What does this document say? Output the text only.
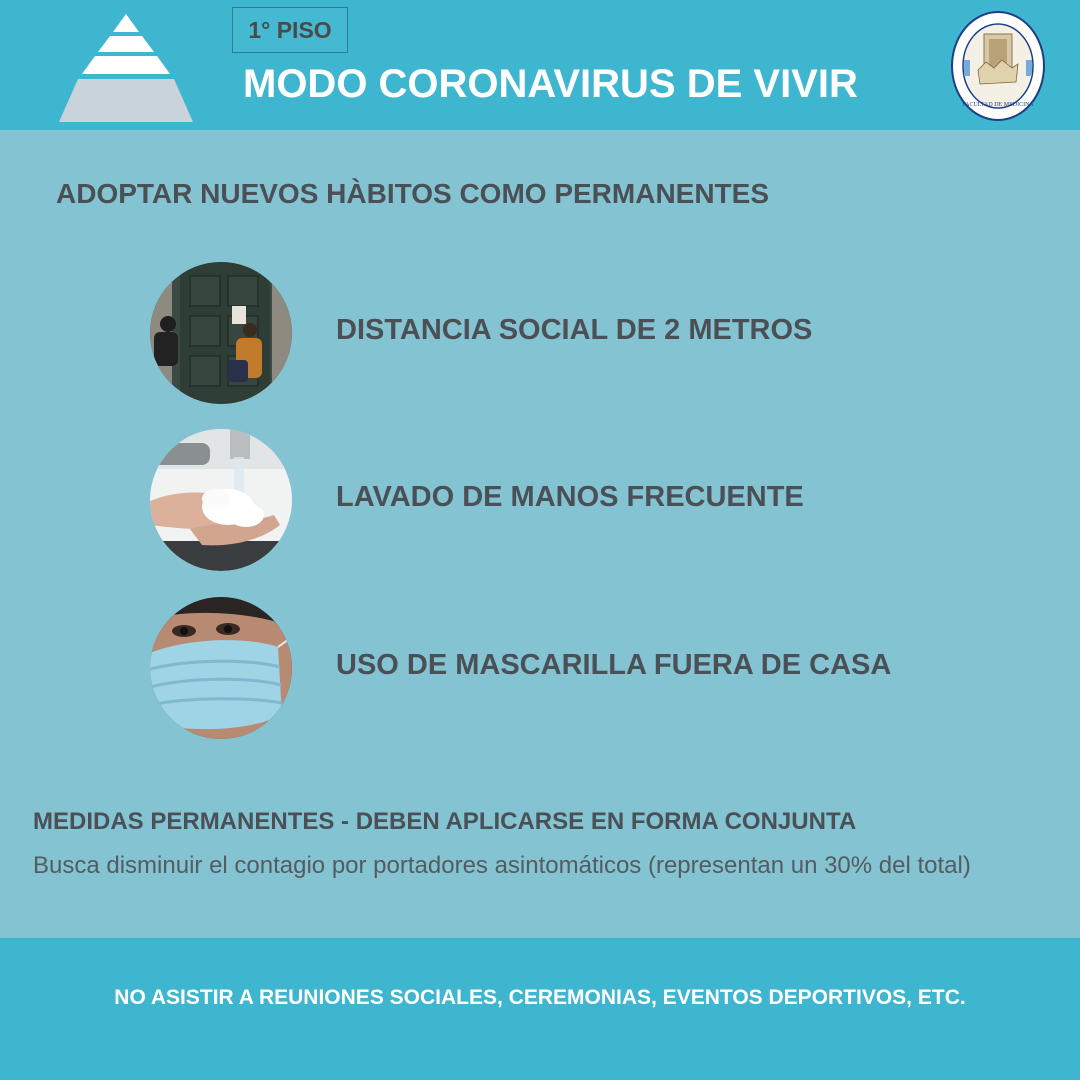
1° PISO
MODO CORONAVIRUS DE VIVIR	FACULTAD DE MEDICINA
ADOPTAR NUEVOS HÀBITOS COMO PERMANENTES
DISTANCIA SOCIAL DE 2 METROS
LAVADO DE MANOS FRECUENTE
USO DE MASCARILLA FUERA DE CASA
MEDIDAS PERMANENTES - DEBEN APLICARSE EN FORMA CONJUNTA
Busca disminuir el contagio por portadores asintomáticos (representan un 30% del total)
NO ASISTIR A REUNIONES SOCIALES, CEREMONIAS, EVENTOS DEPORTIVOS, ETC.
